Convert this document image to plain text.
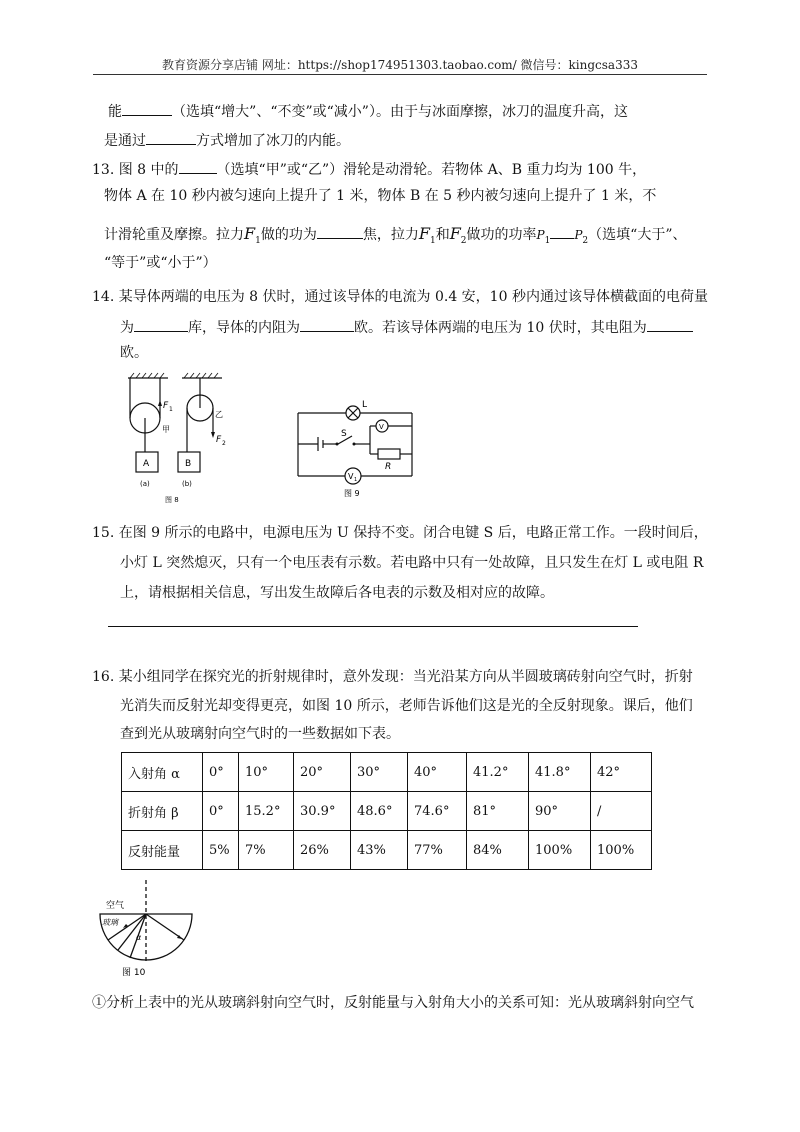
教育资源分享店铺 网址：https://shop174951303.taobao.com/ 微信号：kingcsa333
能	（选填“增大”、“不变”或“减小”）。由于与冰面摩擦，冰刀的温度升高，这
是通过	方式增加了冰刀的内能。
13. 图 8 中的	（选填“甲”或“乙”）滑轮是动滑轮。若物体 A、B 重力均为 100 牛，
物体 A 在 10 秒内被匀速向上提升了 1 米，物体 B 在 5 秒内被匀速向上提升了 1 米，不
计滑轮重及摩擦。拉力$F_1$做的功为	焦，拉力$F_1$和$F_2$做功的功率$P_1$ $P_2$（选填“大于”、
“等于”或“小于”）
14. 某导体两端的电压为 8 伏时，通过该导体的电流为 0.4 安，10 秒内通过该导体横截面的电荷量
为	库，导体的内阻为	欧。若该导体两端的电压为 10 伏时，其电阻为
欧。
F 1
F 2
甲
乙
A	B
(a)	(b)
图 8
L
S
V
R
V 1
图 9
15. 在图 9 所示的电路中，电源电压为 U 保持不变。闭合电键 S 后，电路正常工作。一段时间后，
小灯 L 突然熄灭，只有一个电压表有示数。若电路中只有一处故障，且只发生在灯 L 或电阻 R
上，请根据相关信息，写出发生故障后各电表的示数及相对应的故障。
16. 某小组同学在探究光的折射规律时，意外发现：当光沿某方向从半圆玻璃砖射向空气时，折射
光消失而反射光却变得更亮，如图 10 所示，老师告诉他们这是光的全反射现象。课后，他们
查到光从玻璃射向空气时的一些数据如下表。
入射角 α	0°	10°	20°	30°	40°	41.2°	41.8°	42°
折射角 β	0°	15.2°	30.9°	48.6°	74.6°	81°	90°	/
反射能量	5%	7%	26%	43%	77%	84%	100%	100%
空气
玻璃
α
图 10
①分析上表中的光从玻璃斜射向空气时，反射能量与入射角大小的关系可知：光从玻璃斜射向空气
